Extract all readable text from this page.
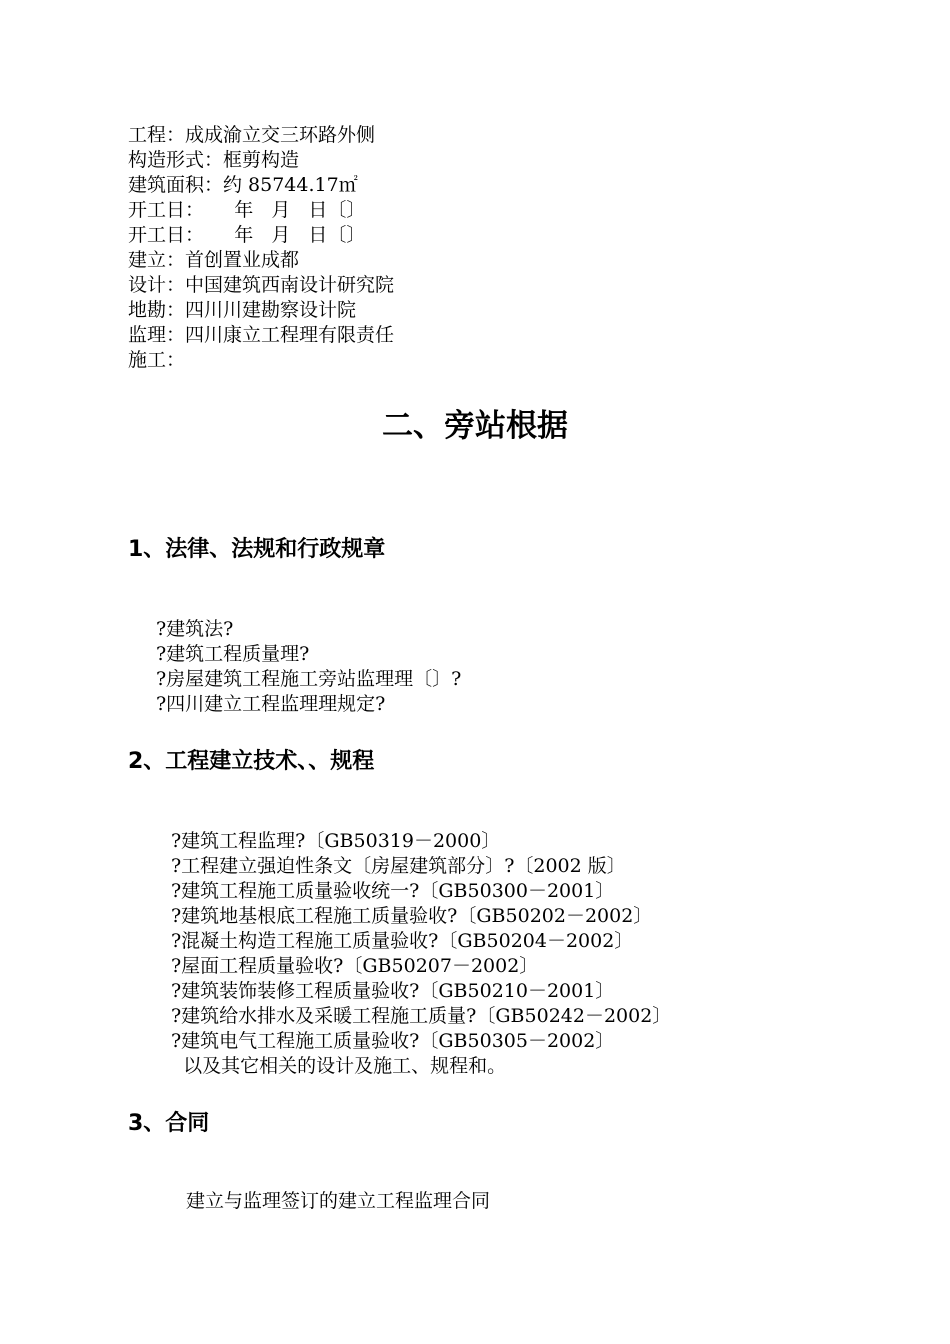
工程：成成渝立交三环路外侧
构造形式：框剪构造
建筑面积：约 85744.17㎡
开工日：     年   月   日〔〕
开工日：     年   月   日〔〕
建立：首创置业成都
设计：中国建筑西南设计研究院
地勘：四川川建勘察设计院
监理：四川康立工程理有限责任
施工：
二、旁站根据
1、法律、法规和行政规章
?建筑法?
?建筑工程质量理?
?房屋建筑工程施工旁站监理理〔〕?
?四川建立工程监理理规定?
2、工程建立技术、、规程
?建筑工程监理?〔GB50319－2000〕
?工程建立强迫性条文〔房屋建筑部分〕?〔2002 版〕
?建筑工程施工质量验收统一?〔GB50300－2001〕
?建筑地基根底工程施工质量验收?〔GB50202－2002〕
?混凝土构造工程施工质量验收?〔GB50204－2002〕
?屋面工程质量验收?〔GB50207－2002〕
?建筑装饰装修工程质量验收?〔GB50210－2001〕
?建筑给水排水及采暖工程施工质量?〔GB50242－2002〕
?建筑电气工程施工质量验收?〔GB50305－2002〕
以及其它相关的设计及施工、规程和。
3、合同
建立与监理签订的建立工程监理合同
